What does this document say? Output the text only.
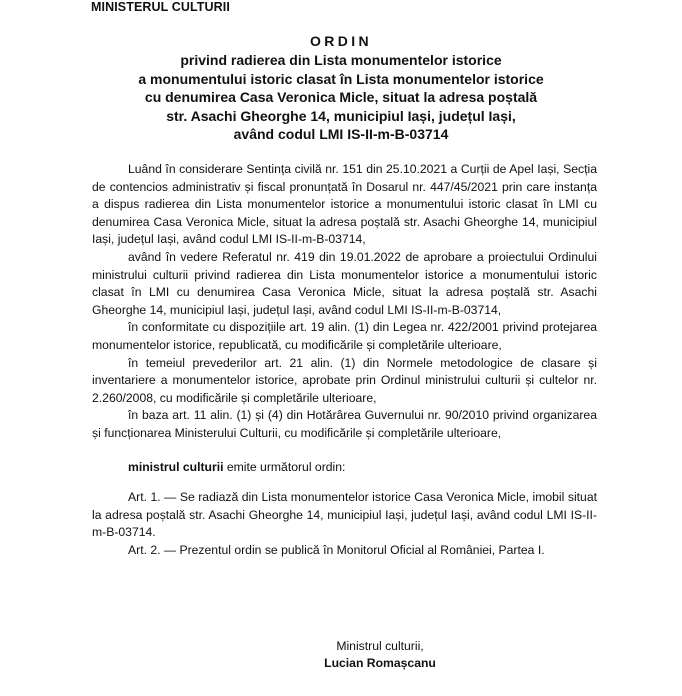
MINISTERUL CULTURII
ORDIN
privind radierea din Lista monumentelor istorice
a monumentului istoric clasat în Lista monumentelor istorice
cu denumirea Casa Veronica Micle, situat la adresa poștală
str. Asachi Gheorghe 14, municipiul Iași, județul Iași,
având codul LMI IS-II-m-B-03714

Luând în considerare Sentința civilă nr. 151 din 25.10.2021 a Curții de Apel Iași, Secția de contencios administrativ și fiscal pronunțată în Dosarul nr. 447/45/2021 prin care instanța a dispus radierea din Lista monumentelor istorice a monumentului istoric clasat în LMI cu denumirea Casa Veronica Micle, situat la adresa poștală str. Asachi Gheorghe 14, municipiul Iași, județul Iași, având codul LMI IS-II-m-B-03714,

având în vedere Referatul nr. 419 din 19.01.2022 de aprobare a proiectului Ordinului ministrului culturii privind radierea din Lista monumentelor istorice a monumentului istoric clasat în LMI cu denumirea Casa Veronica Micle, situat la adresa poștală str. Asachi Gheorghe 14, municipiul Iași, județul Iași, având codul LMI IS-II-m-B-03714,

în conformitate cu dispozițiile art. 19 alin. (1) din Legea nr. 422/2001 privind protejarea monumentelor istorice, republicată, cu modificările și completările ulterioare,

în temeiul prevederilor art. 21 alin. (1) din Normele metodologice de clasare și inventariere a monumentelor istorice, aprobate prin Ordinul ministrului culturii și cultelor nr. 2.260/2008, cu modificările și completările ulterioare,

în baza art. 11 alin. (1) și (4) din Hotărârea Guvernului nr. 90/2010 privind organizarea și funcționarea Ministerului Culturii, cu modificările și completările ulterioare,

ministrul culturii emite următorul ordin:

Art. 1. — Se radiază din Lista monumentelor istorice Casa Veronica Micle, imobil situat la adresa poștală str. Asachi Gheorghe 14, municipiul Iași, județul Iași, având codul LMI IS-II-m-B-03714.

Art. 2. — Prezentul ordin se publică în Monitorul Oficial al României, Partea I.

Ministrul culturii,
Lucian Romașcanu
